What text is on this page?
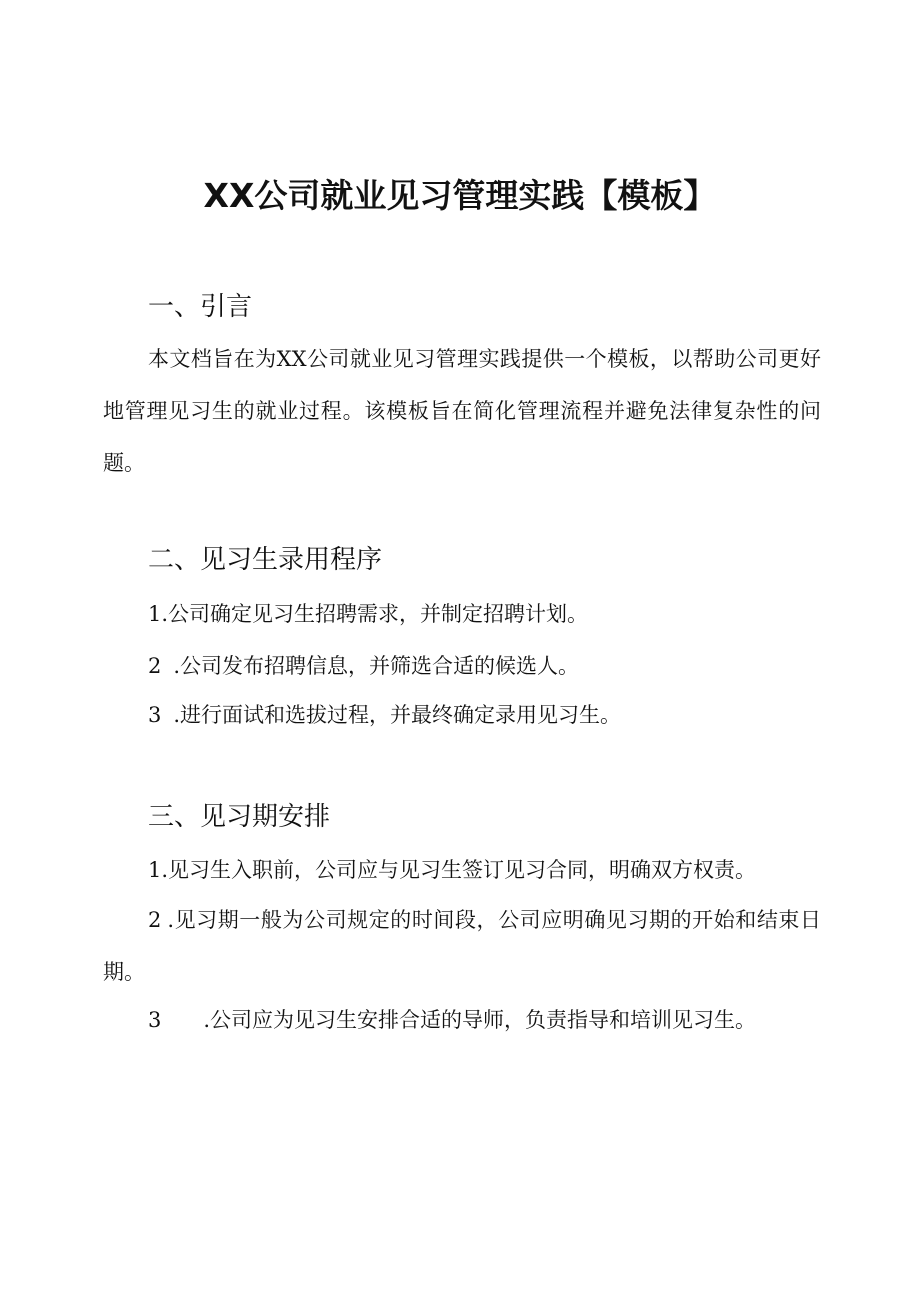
XX公司就业见习管理实践【模板】
一、引言

本文档旨在为XX公司就业见习管理实践提供一个模板，以帮助公司更好地管理见习生的就业过程。该模板旨在简化管理流程并避免法律复杂性的问题。

二、见习生录用程序
1.公司确定见习生招聘需求，并制定招聘计划。
2 .公司发布招聘信息，并筛选合适的候选人。
3 .进行面试和选拔过程，并最终确定录用见习生。
三、见习期安排
1.见习生入职前，公司应与见习生签订见习合同，明确双方权责。
2 .见习期一般为公司规定的时间段，公司应明确见习期的开始和结束日期。
3 .公司应为见习生安排合适的导师，负责指导和培训见习生。
